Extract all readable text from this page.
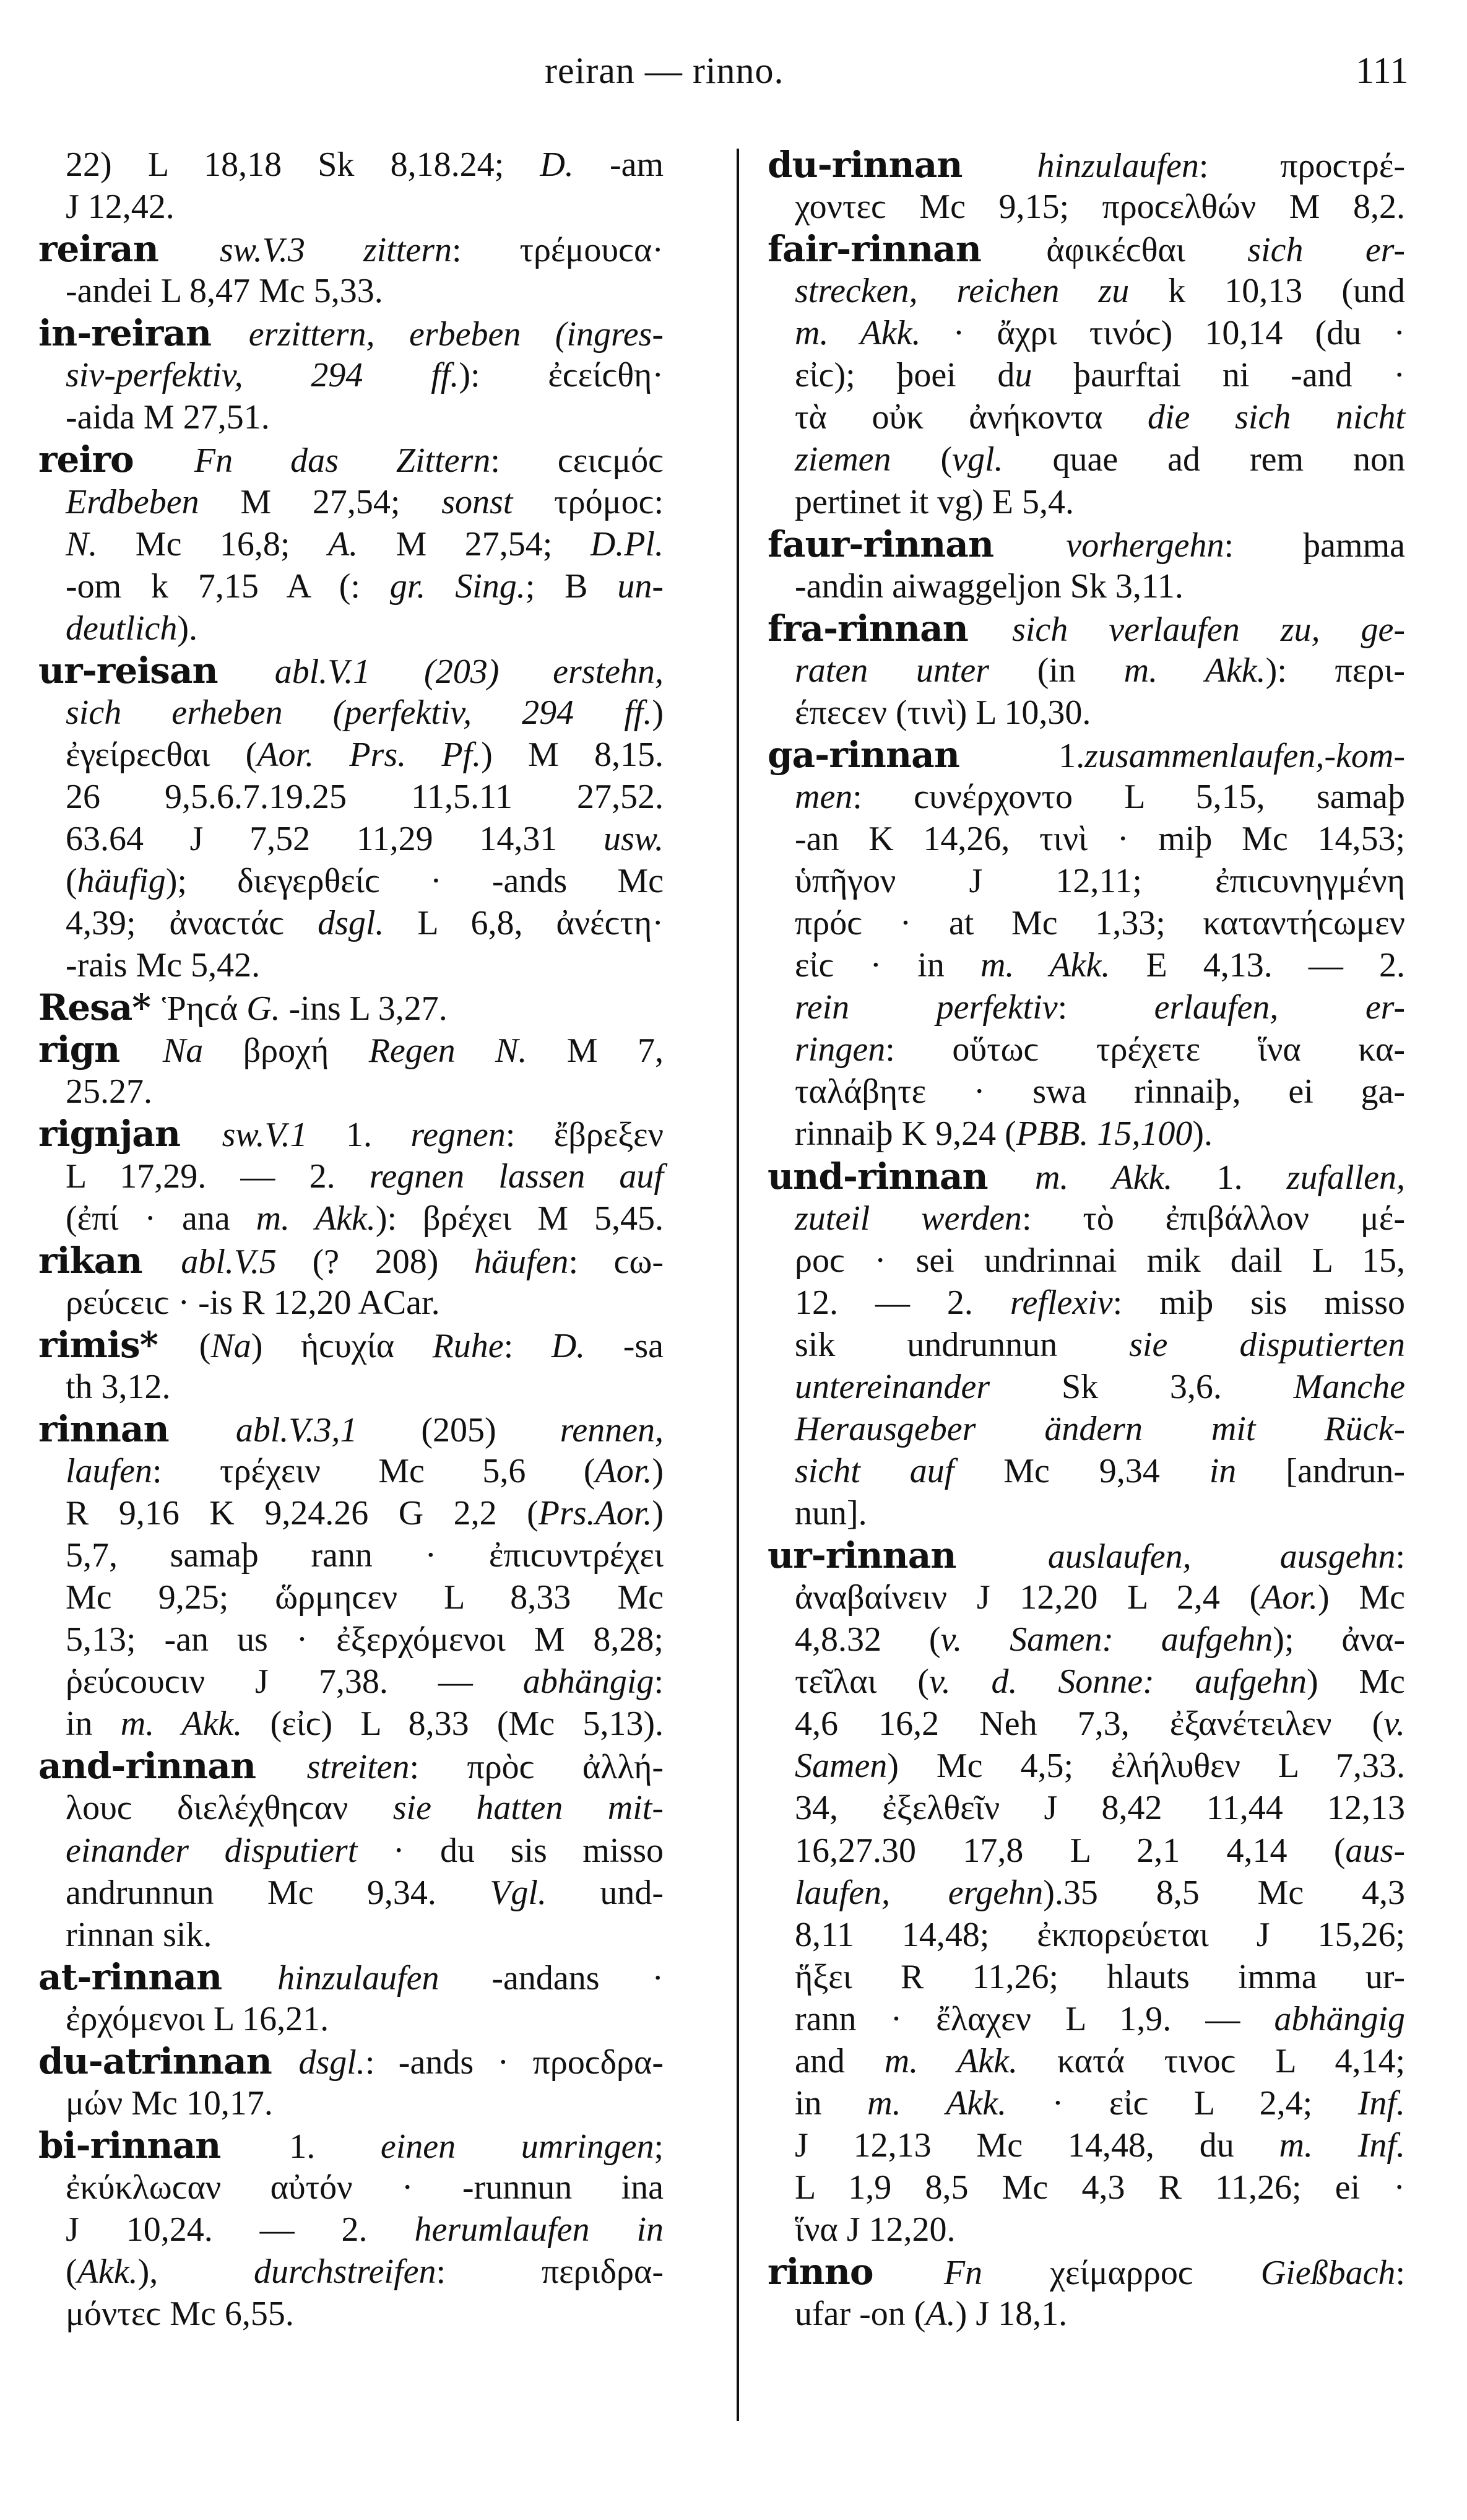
reiran — rinno.	111
22) L 18,18 Sk 8,18.24; D. -am
J 12,42.
reiran sw.V.3 zittern: τρέμουϲα·
-andei L 8,47 Mc 5,33.
in-reiran erzittern, erbeben (ingres-
siv-perfektiv, 294 ff.): ἐϲείϲθη·
-aida M 27,51.
reiro Fn das Zittern: ϲειϲμόϲ
Erdbeben M 27,54; sonst τρόμοϲ:
N. Mc 16,8; A. M 27,54; D.Pl.
-om k 7,15 A (: gr. Sing.; B un-
deutlich).
ur-reisan abl.V.1 (203) erstehn,
sich erheben (perfektiv, 294 ff.)
ἐγείρεϲθαι (Aor. Prs. Pf.) M 8,15.
26 9,5.6.7.19.25 11,5.11 27,52.
63.64 J 7,52 11,29 14,31 usw.
(häufig); διεγερθείϲ · -ands Mc
4,39; ἀναϲτάϲ dsgl. L 6,8, ἀνέϲτη·
-rais Mc 5,42.
Resa* Ῥηϲά G. -ins L 3,27.
rign Na βροχή Regen N. M 7,
25.27.
rignjan sw.V.1 1. regnen: ἔβρεξεν
L 17,29. — 2. regnen lassen auf
(ἐπί · ana m. Akk.): βρέχει M 5,45.
rikan abl.V.5 (? 208) häufen: ϲω-
ρεύϲειϲ · -is R 12,20 ACar.
rimis* (Na) ἡϲυχία Ruhe: D. -sa
th 3,12.
rinnan abl.V.3,1 (205) rennen,
laufen: τρέχειν Mc 5,6 (Aor.)
R 9,16 K 9,24.26 G 2,2 (Prs.Aor.)
5,7, samaþ rann · ἐπιϲυντρέχει
Mc 9,25; ὥρμηϲεν L 8,33 Mc
5,13; -an us · ἐξερχόμενοι M 8,28;
ῥεύϲουϲιν J 7,38. — abhängig:
in m. Akk. (εἰϲ) L 8,33 (Mc 5,13).
and-rinnan streiten: πρὸϲ ἀλλή-
λουϲ διελέχθηϲαν sie hatten mit-
einander disputiert · du sis misso
andrunnun Mc 9,34. Vgl. und-
rinnan sik.
at-rinnan hinzulaufen -andans ·
ἐρχόμενοι L 16,21.
du-atrinnan dsgl.: -ands · προϲδρα-
μών Mc 10,17.
bi-rinnan 1. einen umringen;
ἐκύκλωϲαν αὐτόν · -runnun ina
J 10,24. — 2. herumlaufen in
(Akk.), durchstreifen: περιδρα-
μόντεϲ Mc 6,55.
du-rinnan hinzulaufen: προϲτρέ-
χοντεϲ Mc 9,15; προϲελθών M 8,2.
fair-rinnan ἀφικέϲθαι sich er-
strecken, reichen zu k 10,13 (und
m. Akk. · ἄχρι τινόϲ) 10,14 (du ·
εἰϲ); þoei du þaurftai ni -and ·
τὰ οὐκ ἀνήκοντα die sich nicht
ziemen (vgl. quae ad rem non
pertinet it vg) E 5,4.
faur-rinnan vorhergehn: þamma
-andin aiwaggeljon Sk 3,11.
fra-rinnan sich verlaufen zu, ge-
raten unter (in m. Akk.): περι-
έπεϲεν (τινὶ) L 10,30.
ga-rinnan 1.zusammenlaufen,-kom-
men: ϲυνέρχοντο L 5,15, samaþ
-an K 14,26, τινὶ · miþ Mc 14,53;
ὑπῆγον J 12,11; ἐπιϲυνηγμένη
πρόϲ · at Mc 1,33; καταντήϲωμεν
εἰϲ · in m. Akk. E 4,13. — 2.
rein perfektiv: erlaufen, er-
ringen: οὕτωϲ τρέχετε ἵνα κα-
ταλάβητε · swa rinnaiþ, ei ga-
rinnaiþ K 9,24 (PBB. 15,100).
und-rinnan m. Akk. 1. zufallen,
zuteil werden: τὸ ἐπιβάλλον μέ-
ροϲ · sei undrinnai mik dail L 15,
12. — 2. reflexiv: miþ sis misso
sik undrunnun sie disputierten
untereinander Sk 3,6. Manche
Herausgeber ändern mit Rück-
sicht auf Mc 9,34 in [andrun-
nun].
ur-rinnan auslaufen, ausgehn:
ἀναβαίνειν J 12,20 L 2,4 (Aor.) Mc
4,8.32 (v. Samen: aufgehn); ἀνα-
τεῖλαι (v. d. Sonne: aufgehn) Mc
4,6 16,2 Neh 7,3, ἐξανέτειλεν (v.
Samen) Mc 4,5; ἐλήλυθεν L 7,33.
34, ἐξελθεῖν J 8,42 11,44 12,13
16,27.30 17,8 L 2,1 4,14 (aus-
laufen, ergehn).35 8,5 Mc 4,3
8,11 14,48; ἐκπορεύεται J 15,26;
ἥξει R 11,26; hlauts imma ur-
rann · ἔλαχεν L 1,9. — abhängig
and m. Akk. κατά τινοϲ L 4,14;
in m. Akk. · εἰϲ L 2,4; Inf.
J 12,13 Mc 14,48, du m. Inf.
L 1,9 8,5 Mc 4,3 R 11,26; ei ·
ἵνα J 12,20.
rinno Fn χείμαρροϲ Gießbach:
ufar -on (A.) J 18,1.
